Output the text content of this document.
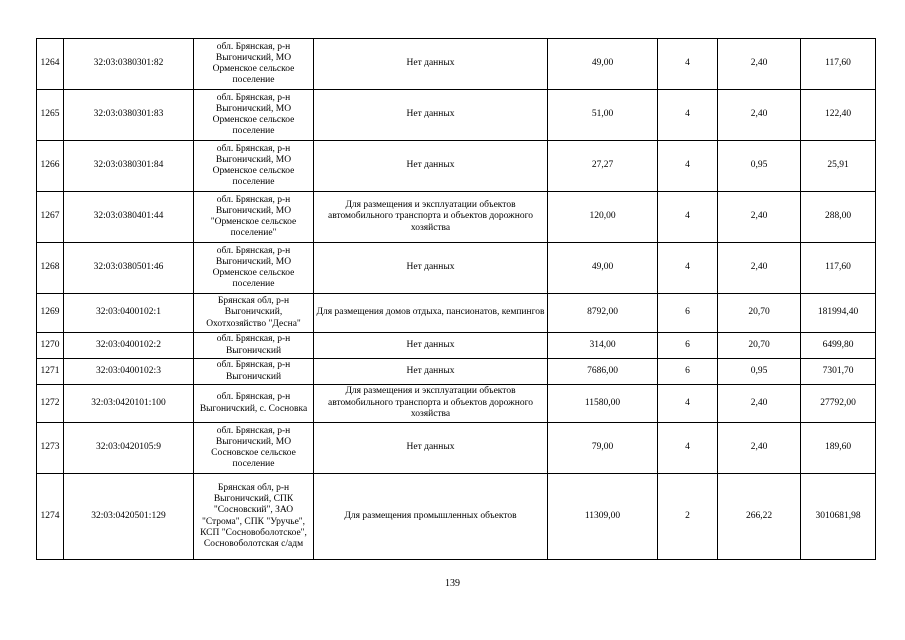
1264	32:03:0380301:82	обл. Брянская, р-н Выгоничский, МО Орменское сельское поселение	Нет данных	49,00	4	2,40	117,60
1265	32:03:0380301:83	обл. Брянская, р-н Выгоничский, МО Орменское сельское поселение	Нет данных	51,00	4	2,40	122,40
1266	32:03:0380301:84	обл. Брянская, р-н Выгоничский, МО Орменское сельское поселение	Нет данных	27,27	4	0,95	25,91
1267	32:03:0380401:44	обл. Брянская, р-н Выгоничский, МО "Орменское сельское поселение"	Для размещения и эксплуатации объектов автомобильного транспорта и объектов дорожного хозяйства	120,00	4	2,40	288,00
1268	32:03:0380501:46	обл. Брянская, р-н Выгоничский, МО Орменское сельское поселение	Нет данных	49,00	4	2,40	117,60
1269	32:03:0400102:1	Брянская обл, р-н Выгоничский, Охотхозяйство "Десна"	Для размещения домов отдыха, пансионатов, кемпингов	8792,00	6	20,70	181994,40
1270	32:03:0400102:2	обл. Брянская, р-н Выгоничский	Нет данных	314,00	6	20,70	6499,80
1271	32:03:0400102:3	обл. Брянская, р-н Выгоничский	Нет данных	7686,00	6	0,95	7301,70
1272	32:03:0420101:100	обл. Брянская, р-н Выгоничский, с. Сосновка	Для размещения и эксплуатации объектов автомобильного транспорта и объектов дорожного хозяйства	11580,00	4	2,40	27792,00
1273	32:03:0420105:9	обл. Брянская, р-н Выгоничский, МО Сосновское сельское поселение	Нет данных	79,00	4	2,40	189,60
1274	32:03:0420501:129	Брянская обл, р-н Выгоничский, СПК "Сосновский", ЗАО "Строма", СПК "Уручье", КСП "Сосновоболотское", Сосновоболотская с/адм	Для размещения промышленных объектов	11309,00	2	266,22	3010681,98
139
